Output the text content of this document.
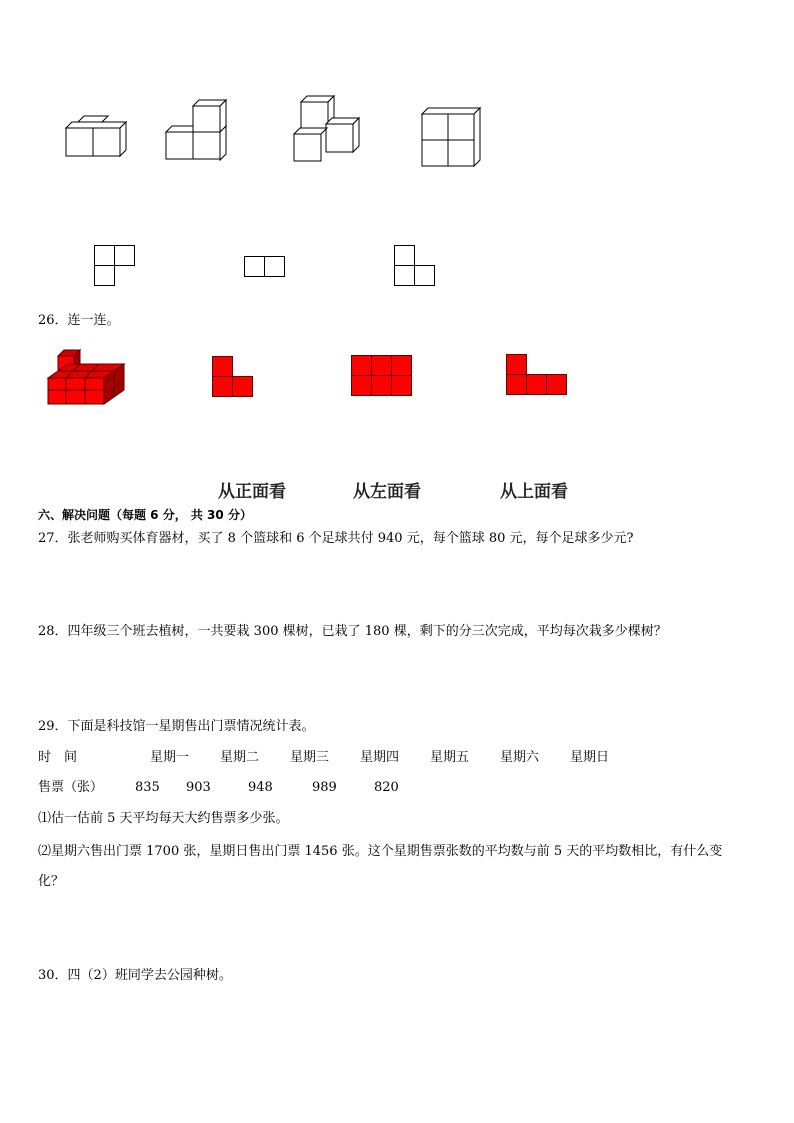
26．连一连。
从正面看	从左面看	从上面看
六、解决问题（每题 6 分， 共 30 分）
27．张老师购买体育器材，买了 8 个篮球和 6 个足球共付 940 元，每个篮球 80 元，每个足球多少元?
28．四年级三个班去植树，一共要栽 300 棵树，已栽了 180 棵，剩下的分三次完成，平均每次栽多少棵树？
29．下面是科技馆一星期售出门票情况统计表。
时　间	星期一 星期二 星期三 星期四 星期五 星期六 星期日
售票（张） 835 903	948	989	820
⑴估一估前 5 天平均每天大约售票多少张。
⑵星期六售出门票 1700 张，星期日售出门票 1456 张。这个星期售票张数的平均数与前 5 天的平均数相比，有什么变
化？
30．四（2）班同学去公园种树。
